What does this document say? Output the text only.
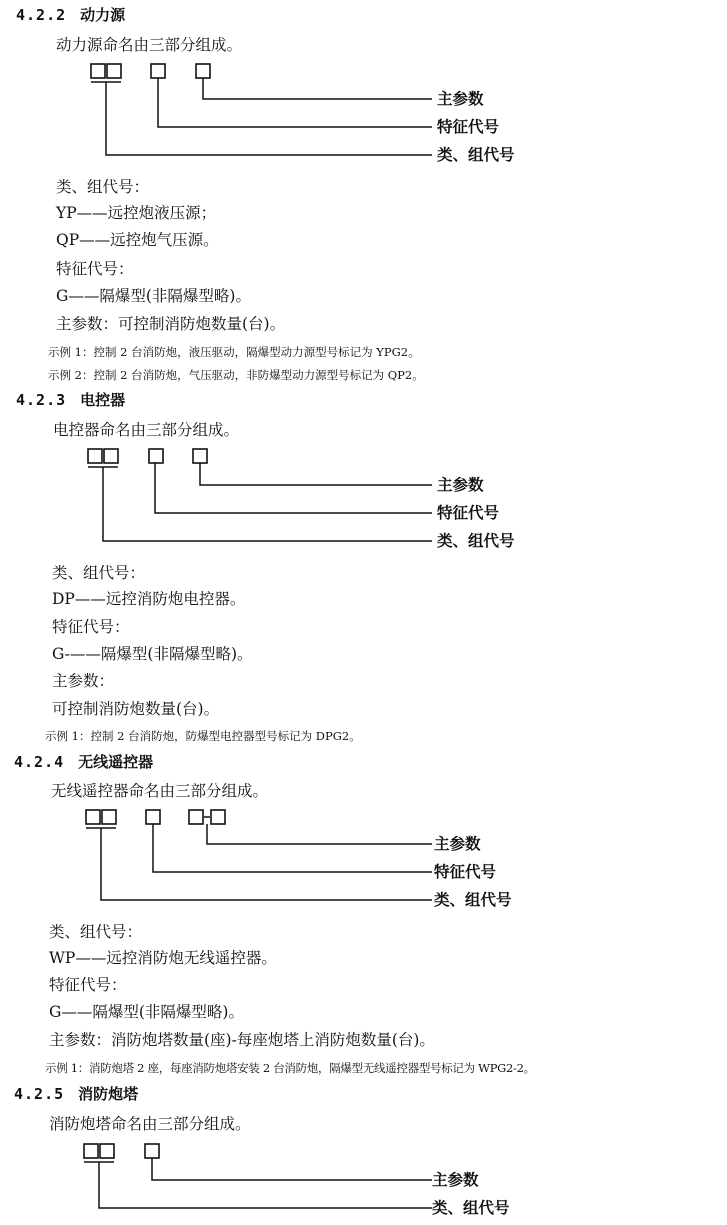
4.2.2 动力源
动力源命名由三部分组成。
主参数
特征代号
类、组代号
类、组代号：
YP——远控炮液压源；
QP——远控炮气压源。
特征代号：
G——隔爆型(非隔爆型略)。
主参数：可控制消防炮数量(台)。
示例 1：控制 2 台消防炮，液压驱动，隔爆型动力源型号标记为 YPG2。
示例 2：控制 2 台消防炮，气压驱动，非防爆型动力源型号标记为 QP2。
4.2.3 电控器
电控器命名由三部分组成。
主参数
特征代号
类、组代号
类、组代号：
DP——远控消防炮电控器。
特征代号：
G-——隔爆型(非隔爆型略)。
主参数：
可控制消防炮数量(台)。
示例 1：控制 2 台消防炮，防爆型电控器型号标记为 DPG2。
4.2.4 无线遥控器
无线遥控器命名由三部分组成。
主参数
特征代号
类、组代号
类、组代号：
WP——远控消防炮无线遥控器。
特征代号：
G——隔爆型(非隔爆型略)。
主参数：消防炮塔数量(座)-每座炮塔上消防炮数量(台)。
示例 1：消防炮塔 2 座，每座消防炮塔安装 2 台消防炮，隔爆型无线遥控器型号标记为 WPG2-2。
4.2.5 消防炮塔
消防炮塔命名由三部分组成。
主参数
类、组代号
